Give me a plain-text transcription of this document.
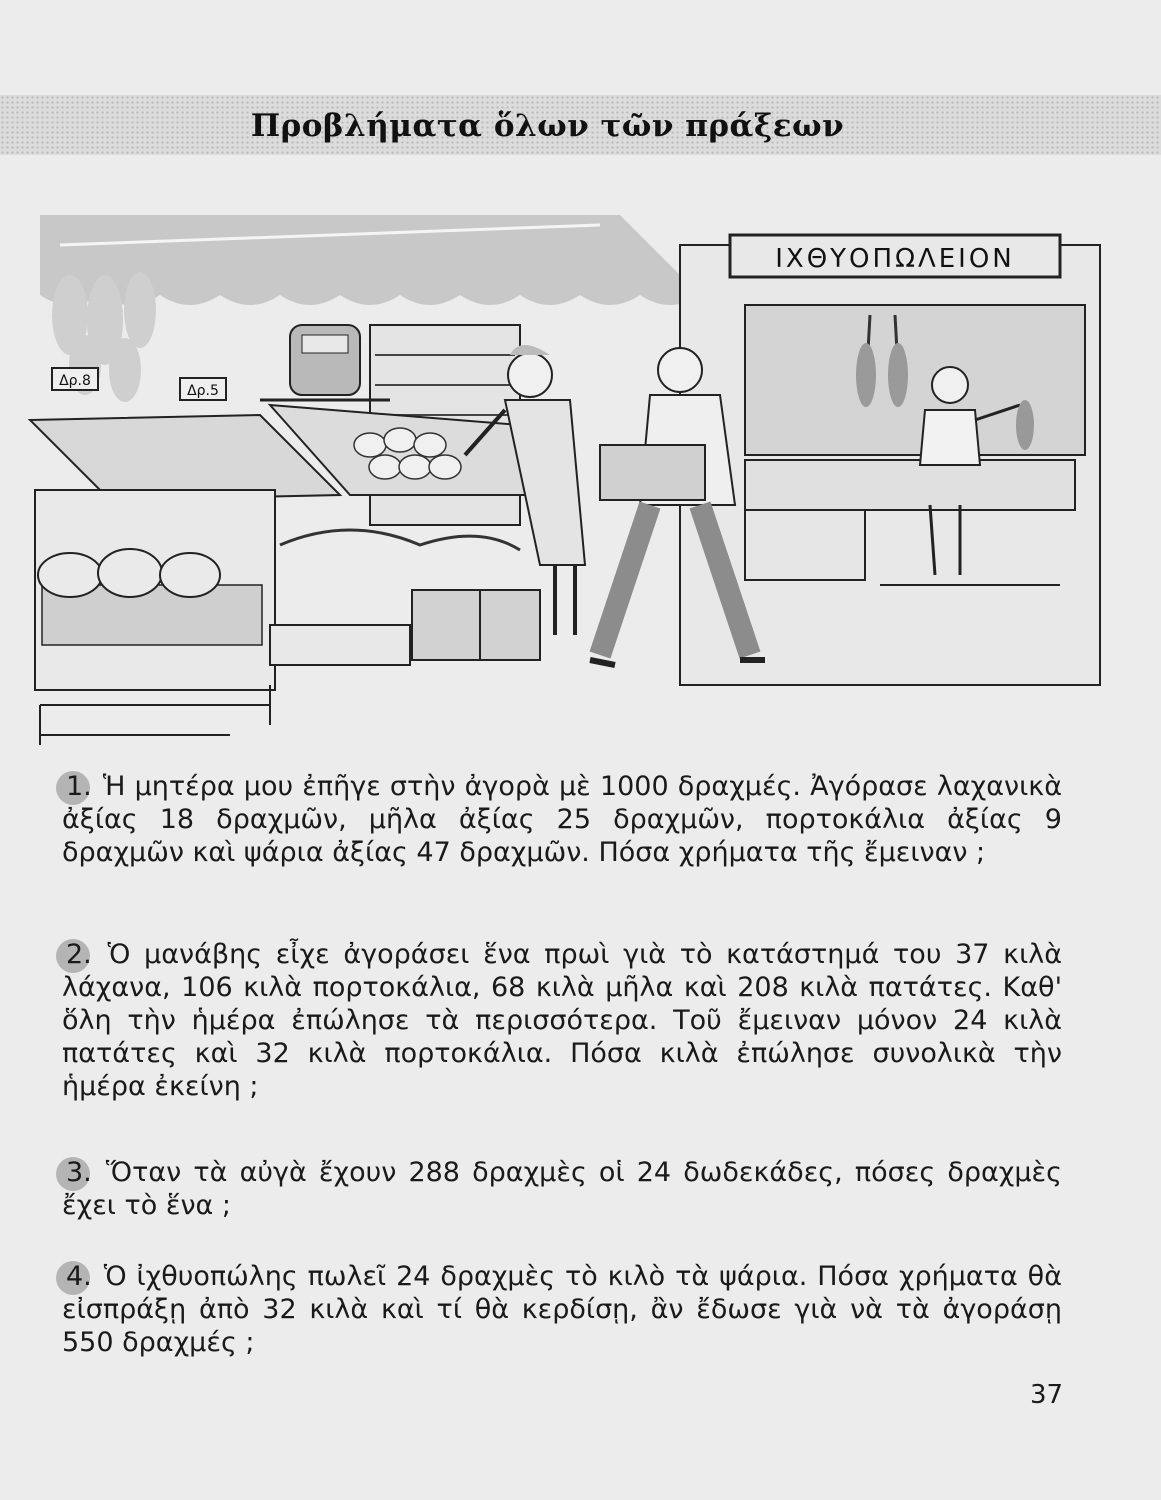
Προβλήματα ὅλων τῶν πράξεων
ΙΧΘΥΟΠΩΛΕΙΟΝ
Δρ.8
Δρ.5
1. Ἡ μητέρα μου ἐπῆγε στὴν ἀγορὰ μὲ 1000 δραχμές. Ἀγόρασε λαχανικὰ ἀξίας 18 δραχμῶν, μῆλα ἀξίας 25 δραχμῶν, πορτοκάλια ἀξίας 9 δραχμῶν καὶ ψάρια ἀξίας 47 δραχμῶν. Πόσα χρήματα τῆς ἔμειναν ;
2. Ὁ μανάβης εἶχε ἀγοράσει ἕνα πρωὶ γιὰ τὸ κατάστημά του 37 κιλὰ λάχανα, 106 κιλὰ πορτοκάλια, 68 κιλὰ μῆλα καὶ 208 κιλὰ πατάτες. Καθ' ὅλη τὴν ἡμέρα ἐπώλησε τὰ περισσότερα. Τοῦ ἔμειναν μόνον 24 κιλὰ πατάτες καὶ 32 κιλὰ πορτοκάλια. Πόσα κιλὰ ἐπώλησε συνολικὰ τὴν ἡμέρα ἐκείνη ;
3. Ὅταν τὰ αὐγὰ ἔχουν 288 δραχμὲς οἱ 24 δωδεκάδες, πόσες δραχμὲς ἔχει τὸ ἕνα ;
4. Ὁ ἰχθυοπώλης πωλεῖ 24 δραχμὲς τὸ κιλὸ τὰ ψάρια. Πόσα χρήματα θὰ εἰσπράξῃ ἀπὸ 32 κιλὰ καὶ τί θὰ κερδίσῃ, ἂν ἔδωσε γιὰ νὰ τὰ ἀγοράσῃ 550 δραχμές ;
37
